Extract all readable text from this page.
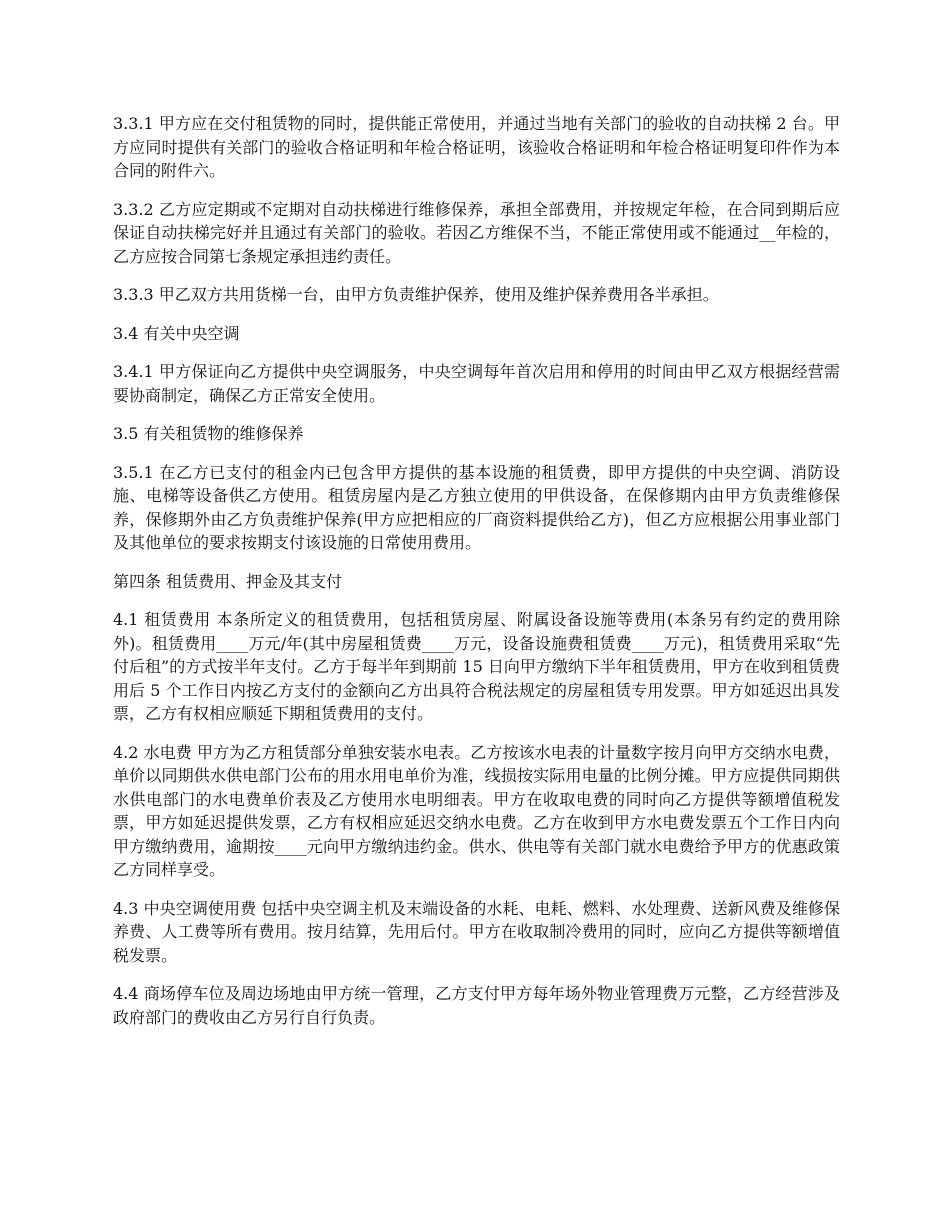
3.3.1 甲方应在交付租赁物的同时，提供能正常使用，并通过当地有关部门的验收的自动扶梯 2 台。甲方应同时提供有关部门的验收合格证明和年检合格证明，该验收合格证明和年检合格证明复印件作为本合同的附件六。

3.3.2 乙方应定期或不定期对自动扶梯进行维修保养，承担全部费用，并按规定年检，在合同到期后应保证自动扶梯完好并且通过有关部门的验收。若因乙方维保不当，不能正常使用或不能通过__年检的，乙方应按合同第七条规定承担违约责任。

3.3.3 甲乙双方共用货梯一台，由甲方负责维护保养，使用及维护保养费用各半承担。

3.4 有关中央空调

3.4.1 甲方保证向乙方提供中央空调服务，中央空调每年首次启用和停用的时间由甲乙双方根据经营需要协商制定，确保乙方正常安全使用。

3.5 有关租赁物的维修保养

3.5.1 在乙方已支付的租金内已包含甲方提供的基本设施的租赁费，即甲方提供的中央空调、消防设施、电梯等设备供乙方使用。租赁房屋内是乙方独立使用的甲供设备，在保修期内由甲方负责维修保养，保修期外由乙方负责维护保养(甲方应把相应的厂商资料提供给乙方)，但乙方应根据公用事业部门及其他单位的要求按期支付该设施的日常使用费用。

第四条 租赁费用、押金及其支付

4.1 租赁费用 本条所定义的租赁费用，包括租赁房屋、附属设备设施等费用(本条另有约定的费用除外)。租赁费用____万元/年(其中房屋租赁费____万元，设备设施费租赁费____万元)，租赁费用采取“先付后租”的方式按半年支付。乙方于每半年到期前 15 日向甲方缴纳下半年租赁费用，甲方在收到租赁费用后 5 个工作日内按乙方支付的金额向乙方出具符合税法规定的房屋租赁专用发票。甲方如延迟出具发票，乙方有权相应顺延下期租赁费用的支付。

4.2 水电费 甲方为乙方租赁部分单独安装水电表。乙方按该水电表的计量数字按月向甲方交纳水电费，单价以同期供水供电部门公布的用水用电单价为准，线损按实际用电量的比例分摊。甲方应提供同期供水供电部门的水电费单价表及乙方使用水电明细表。甲方在收取电费的同时向乙方提供等额增值税发票，甲方如延迟提供发票，乙方有权相应延迟交纳水电费。乙方在收到甲方水电费发票五个工作日内向甲方缴纳费用，逾期按____元向甲方缴纳违约金。供水、供电等有关部门就水电费给予甲方的优惠政策乙方同样享受。

4.3 中央空调使用费 包括中央空调主机及末端设备的水耗、电耗、燃料、水处理费、送新风费及维修保养费、人工费等所有费用。按月结算，先用后付。甲方在收取制冷费用的同时，应向乙方提供等额增值税发票。

4.4 商场停车位及周边场地由甲方统一管理，乙方支付甲方每年场外物业管理费万元整，乙方经营涉及政府部门的费收由乙方另行自行负责。
